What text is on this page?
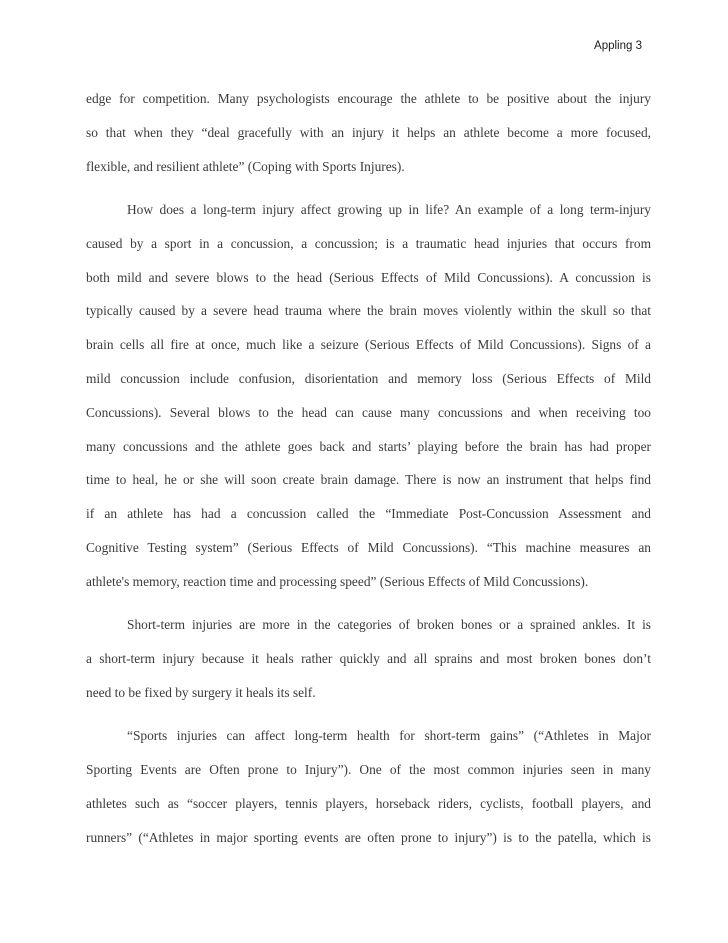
Appling 3
edge for competition. Many psychologists encourage the athlete to be positive about the injury
so that when they “deal gracefully with an injury it helps an athlete become a more focused,
flexible, and resilient athlete” (Coping with Sports Injures).
How does a long-term injury affect growing up in life? An example of a long term-injury
caused by a sport in a concussion, a concussion; is a traumatic head injuries that occurs from
both mild and severe blows to the head (Serious Effects of Mild Concussions). A concussion is
typically caused by a severe head trauma where the brain moves violently within the skull so that
brain cells all fire at once, much like a seizure (Serious Effects of Mild Concussions). Signs of a
mild concussion include confusion, disorientation and memory loss (Serious Effects of Mild
Concussions). Several blows to the head can cause many concussions and when receiving too
many concussions and the athlete goes back and starts’ playing before the brain has had proper
time to heal, he or she will soon create brain damage. There is now an instrument that helps find
if an athlete has had a concussion called the “Immediate Post-Concussion Assessment and
Cognitive Testing system” (Serious Effects of Mild Concussions). “This machine measures an
athlete's memory, reaction time and processing speed” (Serious Effects of Mild Concussions).
Short-term injuries are more in the categories of broken bones or a sprained ankles. It is
a short-term injury because it heals rather quickly and all sprains and most broken bones don’t
need to be fixed by surgery it heals its self.
“Sports injuries can affect long-term health for short-term gains” (“Athletes in Major
Sporting Events are Often prone to Injury”). One of the most common injuries seen in many
athletes such as “soccer players, tennis players, horseback riders, cyclists, football players, and
runners” (“Athletes in major sporting events are often prone to injury”) is to the patella, which is
